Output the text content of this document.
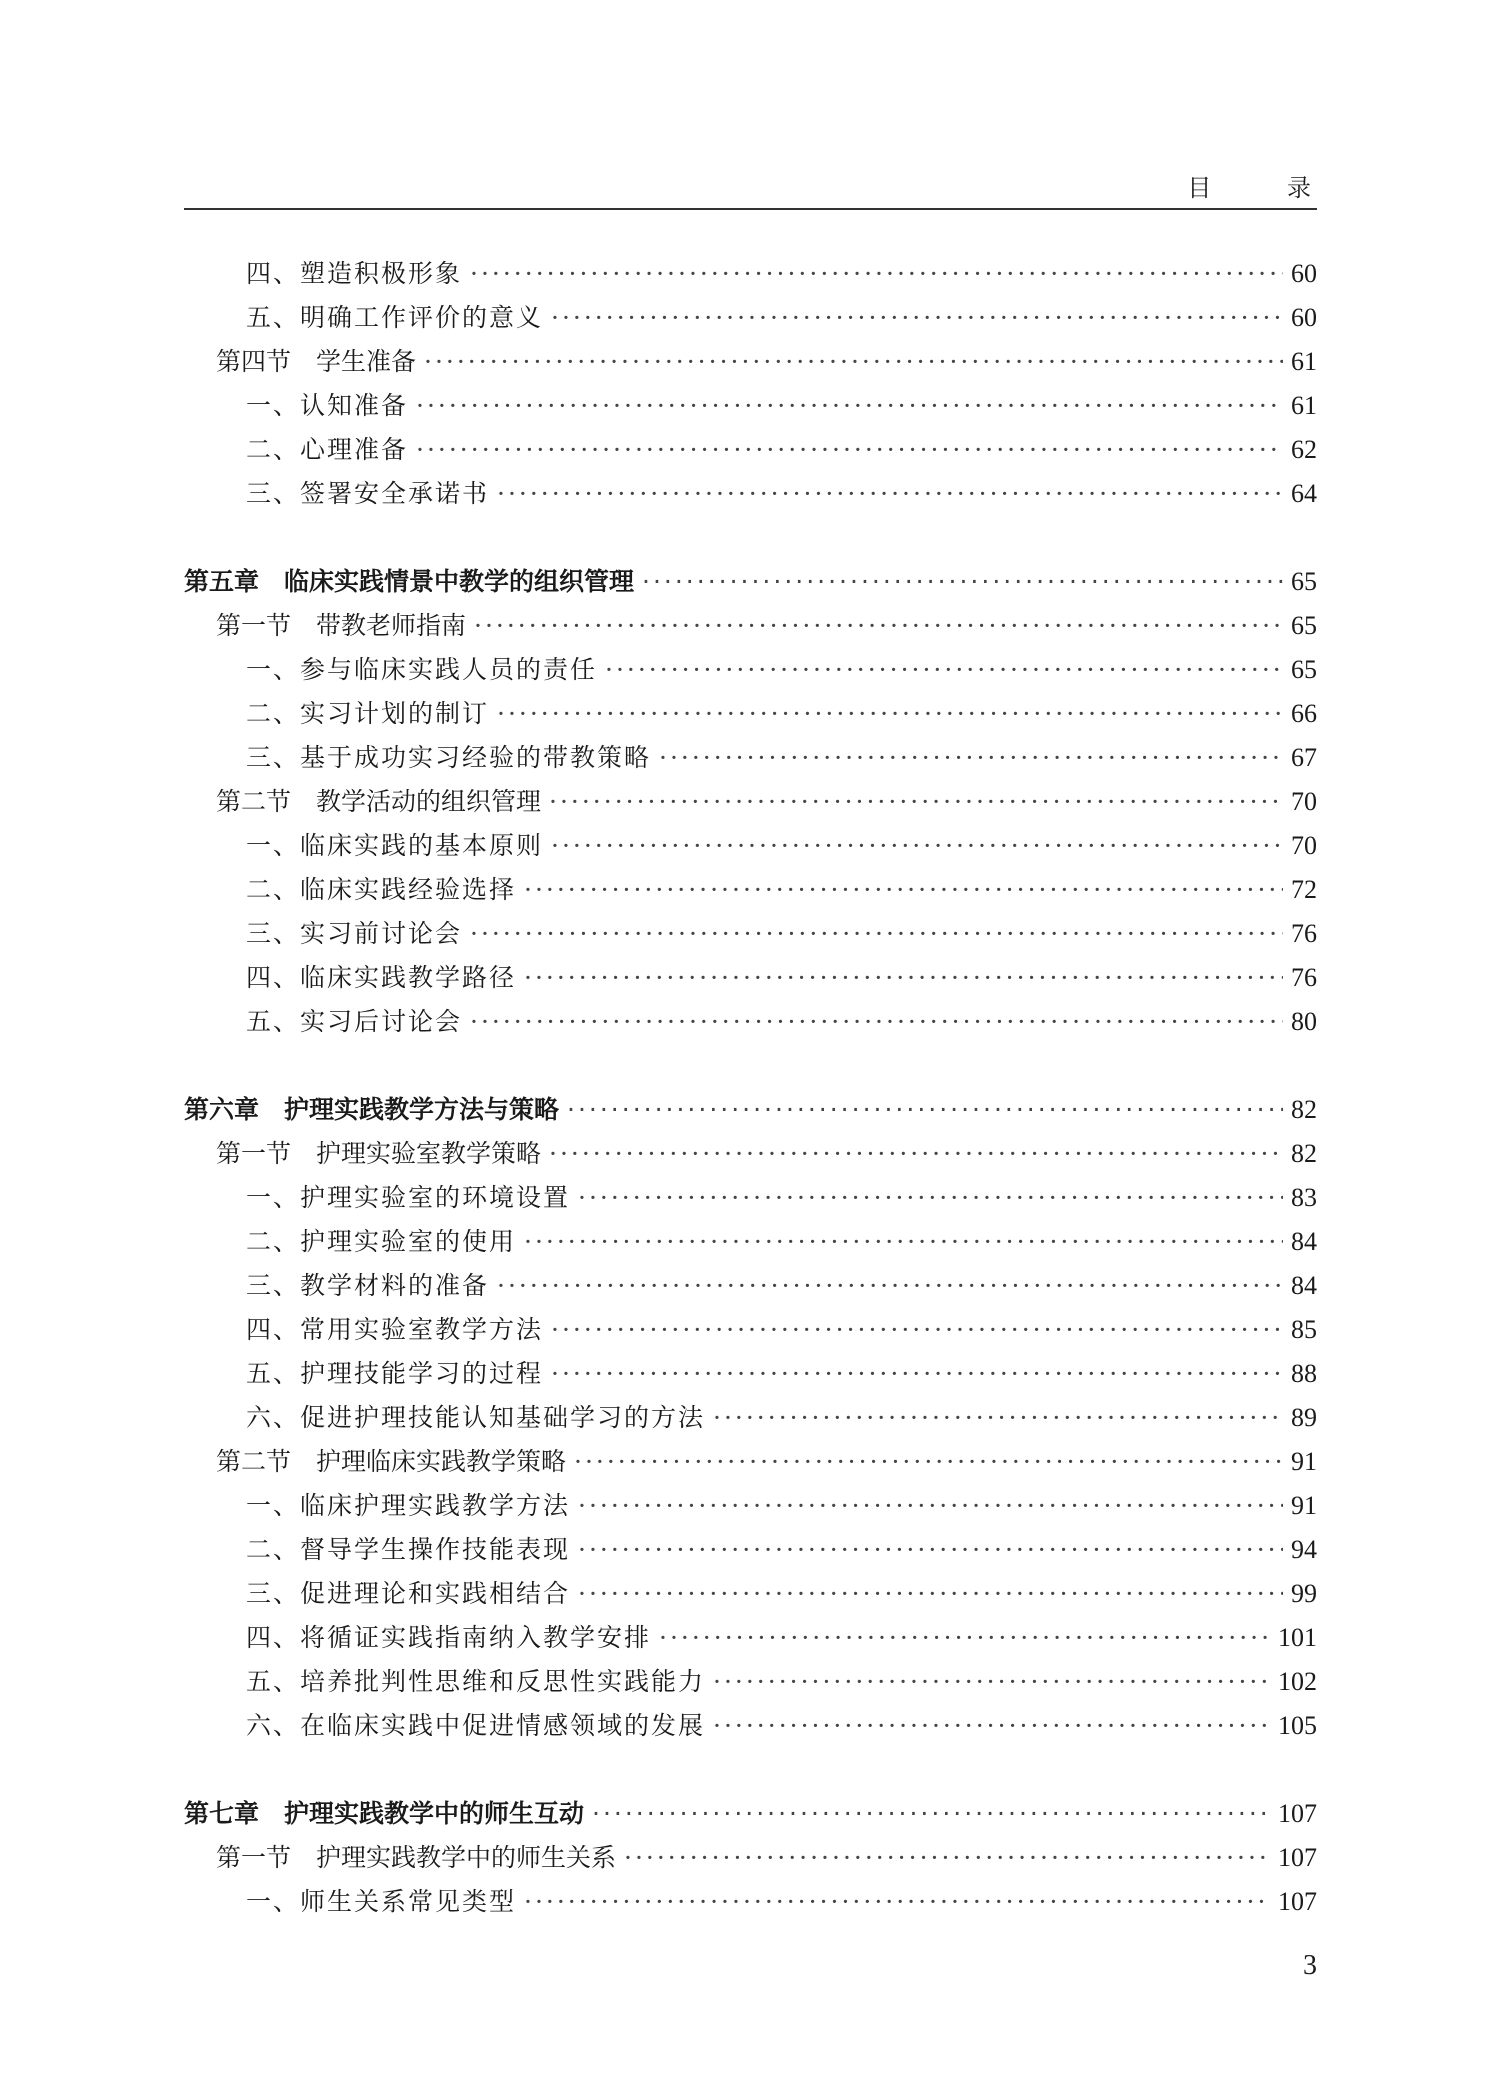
目 录
四、塑造积极形象 ·····	60
五、明确工作评价的意义 ·····	60
第四节　学生准备 ·····	61
一、认知准备 ·····	61
二、心理准备 ·····	62
三、签署安全承诺书 ·····	64
第五章　临床实践情景中教学的组织管理 ·····	65
第一节　带教老师指南 ·····	65
一、参与临床实践人员的责任 ·····	65
二、实习计划的制订 ·····	66
三、基于成功实习经验的带教策略 ·····	67
第二节　教学活动的组织管理 ·····	70
一、临床实践的基本原则 ·····	70
二、临床实践经验选择 ·····	72
三、实习前讨论会 ·····	76
四、临床实践教学路径 ·····	76
五、实习后讨论会 ·····	80
第六章　护理实践教学方法与策略 ·····	82
第一节　护理实验室教学策略 ·····	82
一、护理实验室的环境设置 ·····	83
二、护理实验室的使用 ·····	84
三、教学材料的准备 ·····	84
四、常用实验室教学方法 ·····	85
五、护理技能学习的过程 ·····	88
六、促进护理技能认知基础学习的方法 ·····	89
第二节　护理临床实践教学策略 ·····	91
一、临床护理实践教学方法 ·····	91
二、督导学生操作技能表现 ·····	94
三、促进理论和实践相结合 ·····	99
四、将循证实践指南纳入教学安排 ·····	101
五、培养批判性思维和反思性实践能力 ·····	102
六、在临床实践中促进情感领域的发展 ·····	105
第七章　护理实践教学中的师生互动 ·····	107
第一节　护理实践教学中的师生关系 ·····	107
一、师生关系常见类型 ·····	107
3
